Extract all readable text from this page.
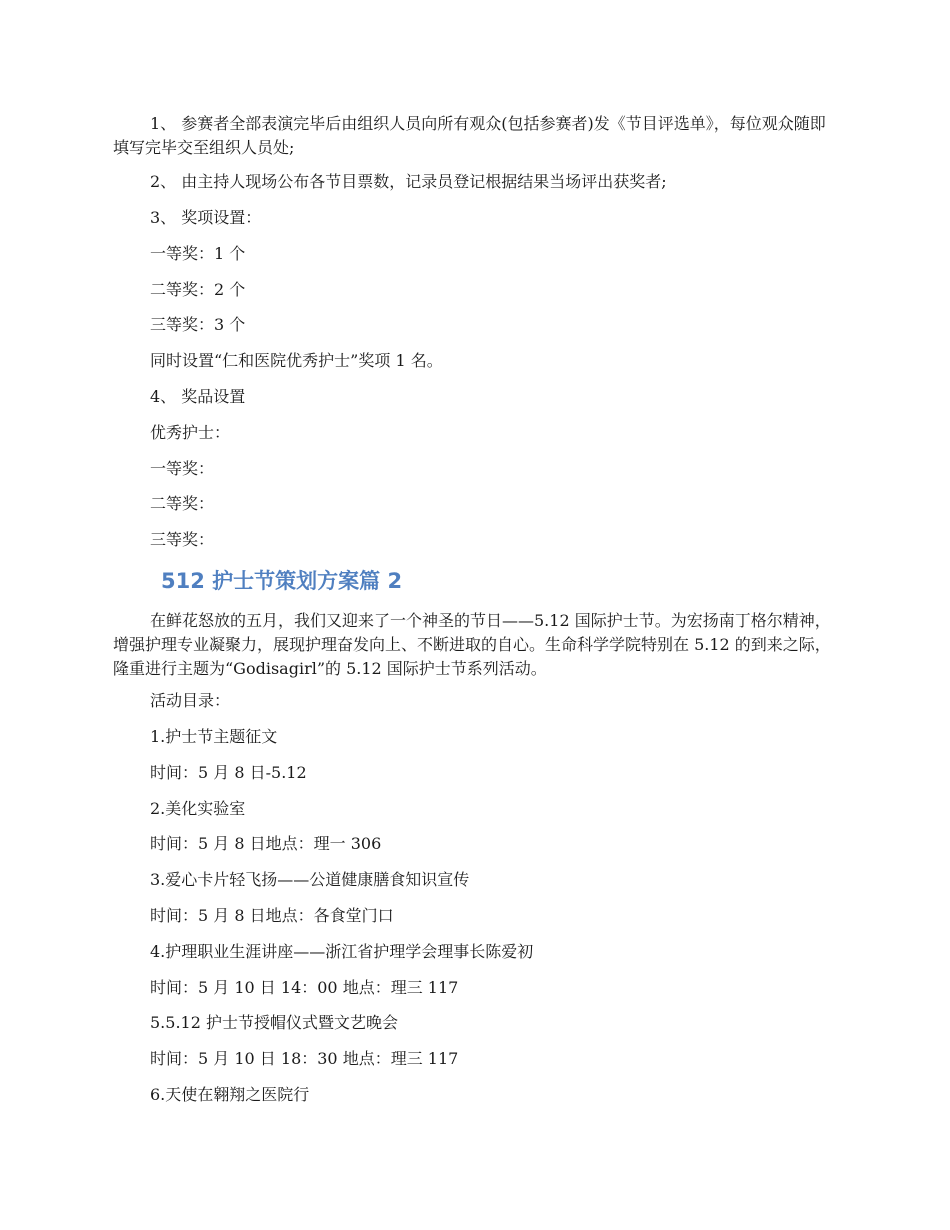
1、 参赛者全部表演完毕后由组织人员向所有观众(包括参赛者)发《节目评选单》，每位观众随即填写完毕交至组织人员处;
2、 由主持人现场公布各节目票数，记录员登记根据结果当场评出获奖者;
3、 奖项设置：
一等奖：1 个
二等奖：2 个
三等奖：3 个
同时设置“仁和医院优秀护士”奖项 1 名。
4、 奖品设置
优秀护士：
一等奖：
二等奖：
三等奖：
512 护士节策划方案篇 2
在鲜花怒放的五月，我们又迎来了一个神圣的节日——5.12 国际护士节。为宏扬南丁格尔精神，增强护理专业凝聚力，展现护理奋发向上、不断进取的自心。生命科学学院特别在 5.12 的到来之际，隆重进行主题为“Godisagirl”的 5.12 国际护士节系列活动。
活动目录：
1.护士节主题征文
时间：5 月 8 日-5.12
2.美化实验室
时间：5 月 8 日地点：理一 306
3.爱心卡片轻飞扬——公道健康膳食知识宣传
时间：5 月 8 日地点：各食堂门口
4.护理职业生涯讲座——浙江省护理学会理事长陈爱初
时间：5 月 10 日 14：00 地点：理三 117
5.5.12 护士节授帽仪式暨文艺晚会
时间：5 月 10 日 18：30 地点：理三 117
6.天使在翱翔之医院行
